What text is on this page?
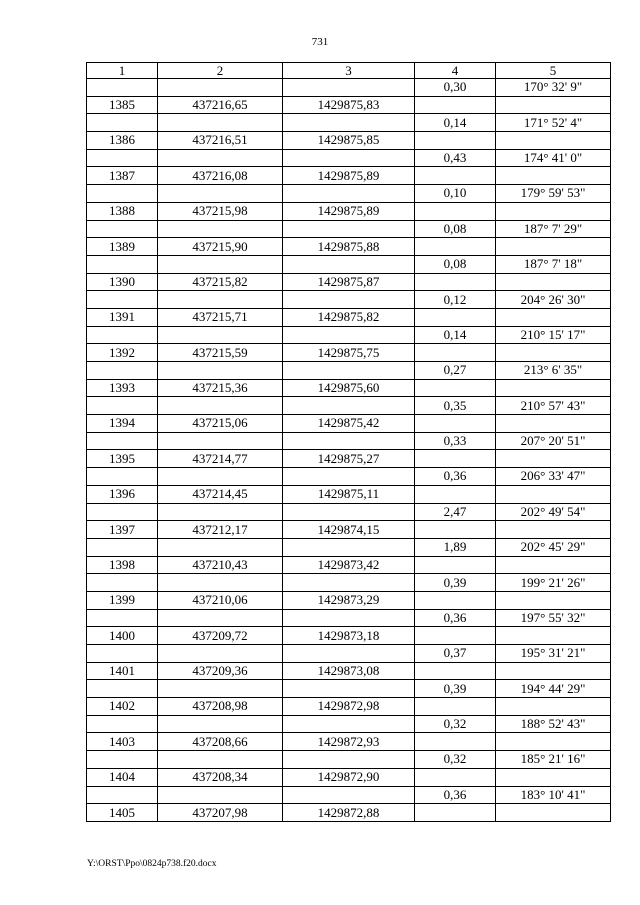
731
1	2	3	4	5
			0,30	170° 32' 9"
1385	437216,65	1429875,83		
			0,14	171° 52' 4"
1386	437216,51	1429875,85		
			0,43	174° 41' 0"
1387	437216,08	1429875,89		
			0,10	179° 59' 53"
1388	437215,98	1429875,89		
			0,08	187° 7' 29"
1389	437215,90	1429875,88		
			0,08	187° 7' 18"
1390	437215,82	1429875,87		
			0,12	204° 26' 30"
1391	437215,71	1429875,82		
			0,14	210° 15' 17"
1392	437215,59	1429875,75		
			0,27	213° 6' 35"
1393	437215,36	1429875,60		
			0,35	210° 57' 43"
1394	437215,06	1429875,42		
			0,33	207° 20' 51"
1395	437214,77	1429875,27		
			0,36	206° 33' 47"
1396	437214,45	1429875,11		
			2,47	202° 49' 54"
1397	437212,17	1429874,15		
			1,89	202° 45' 29"
1398	437210,43	1429873,42		
			0,39	199° 21' 26"
1399	437210,06	1429873,29		
			0,36	197° 55' 32"
1400	437209,72	1429873,18		
			0,37	195° 31' 21"
1401	437209,36	1429873,08		
			0,39	194° 44' 29"
1402	437208,98	1429872,98		
			0,32	188° 52' 43"
1403	437208,66	1429872,93		
			0,32	185° 21' 16"
1404	437208,34	1429872,90		
			0,36	183° 10' 41"
1405	437207,98	1429872,88		
Y:\ORST\Ppo\0824p738.f20.docx
